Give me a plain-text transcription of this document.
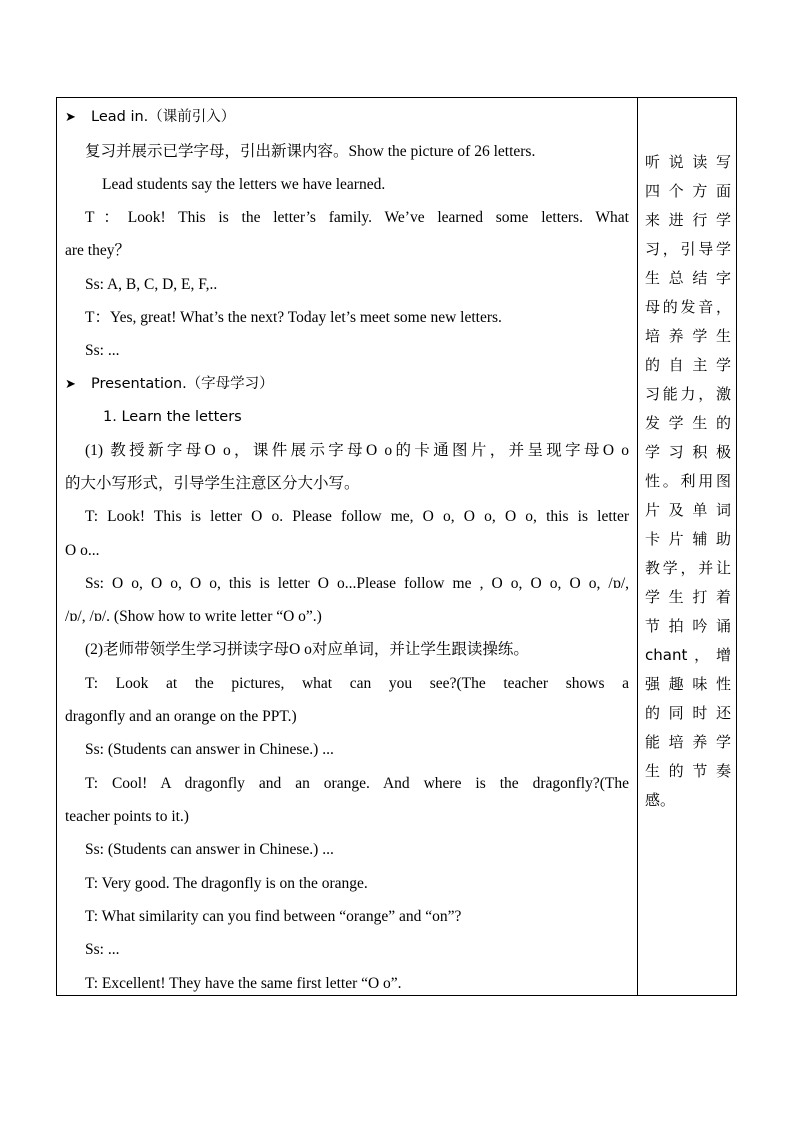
➤ Lead in.（课前引入）
复习并展示已学字母，引出新课内容。Show the picture of 26 letters.
Lead students say the letters we have learned.
T：Look! This is the letter’s family. We’ve learned some letters. What
are they？
Ss: A, B, C, D, E, F,..
T：Yes, great! What’s the next? Today let’s meet some new letters.
Ss: ...
➤ Presentation.（字母学习）
1. Learn the letters
(1) 教授新字母O o，课件展示字母O o的卡通图片，并呈现字母O o
的大小写形式，引导学生注意区分大小写。
T: Look! This is letter O o. Please follow me, O o, O o, O o, this is letter
O o...
Ss: O o, O o, O o, this is letter O o...Please follow me , O o, O o, O o, /ɒ/,
/ɒ/, /ɒ/. (Show how to write letter “O o”.)
(2)老师带领学生学习拼读字母O o对应单词，并让学生跟读操练。
T: Look at the pictures, what can you see?(The teacher shows a
dragonfly and an orange on the PPT.)
Ss: (Students can answer in Chinese.) ...
T: Cool! A dragonfly and an orange. And where is the dragonfly?(The
teacher points to it.)
Ss: (Students can answer in Chinese.) ...
T: Very good. The dragonfly is on the orange.
T: What similarity can you find between “orange” and “on”?
Ss: ...
T: Excellent! They have the same first letter “O o”.
听说读写
四个方面
来进行学
习，引导学
生总结字
母的发音，
培养学生
的自主学
习能力，激
发学生的
学习积极
性。利用图
片及单词
卡片辅助
教学，并让
学生打着
节拍吟诵
chant，增
强趣味性
的同时还
能培养学
生的节奏
感。
